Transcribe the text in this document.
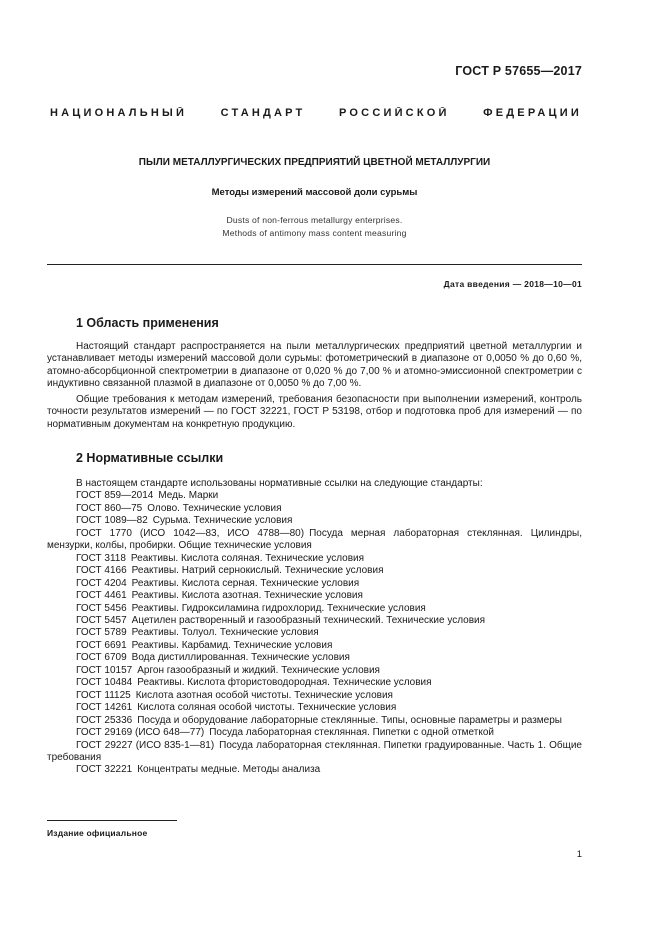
ГОСТ Р 57655—2017
НАЦИОНАЛЬНЫЙ СТАНДАРТ РОССИЙСКОЙ ФЕДЕРАЦИИ
ПЫЛИ МЕТАЛЛУРГИЧЕСКИХ ПРЕДПРИЯТИЙ ЦВЕТНОЙ МЕТАЛЛУРГИИ
Методы измерений массовой доли сурьмы
Dusts of non-ferrous metallurgy enterprises.
Methods of antimony mass content measuring
Дата введения — 2018—10—01
1 Область применения

Настоящий стандарт распространяется на пыли металлургических предприятий цветной металлургии и устанавливает методы измерений массовой доли сурьмы: фотометрический в диапазоне от 0,0050 % до 0,60 %, атомно-абсорбционной спектрометрии в диапазоне от 0,020 % до 7,00 % и атомно-эмиссионной спектрометрии с индуктивно связанной плазмой в диапазоне от 0,0050 % до 7,00 %.

Общие требования к методам измерений, требования безопасности при выполнении измерений, контроль точности результатов измерений — по ГОСТ 32221, ГОСТ Р 53198, отбор и подготовка проб для измерений — по нормативным документам на конкретную продукцию.

2 Нормативные ссылки

В настоящем стандарте использованы нормативные ссылки на следующие стандарты:

ГОСТ 859—2014 Медь. Марки

ГОСТ 860—75 Олово. Технические условия

ГОСТ 1089—82 Сурьма. Технические условия

ГОСТ 1770 (ИСО 1042—83, ИСО 4788—80) Посуда мерная лабораторная стеклянная. Цилиндры, мензурки, колбы, пробирки. Общие технические условия

ГОСТ 3118 Реактивы. Кислота соляная. Технические условия

ГОСТ 4166 Реактивы. Натрий сернокислый. Технические условия

ГОСТ 4204 Реактивы. Кислота серная. Технические условия

ГОСТ 4461 Реактивы. Кислота азотная. Технические условия

ГОСТ 5456 Реактивы. Гидроксиламина гидрохлорид. Технические условия

ГОСТ 5457 Ацетилен растворенный и газообразный технический. Технические условия

ГОСТ 5789 Реактивы. Толуол. Технические условия

ГОСТ 6691 Реактивы. Карбамид. Технические условия

ГОСТ 6709 Вода дистиллированная. Технические условия

ГОСТ 10157 Аргон газообразный и жидкий. Технические условия

ГОСТ 10484 Реактивы. Кислота фтористоводородная. Технические условия

ГОСТ 11125 Кислота азотная особой чистоты. Технические условия

ГОСТ 14261 Кислота соляная особой чистоты. Технические условия

ГОСТ 25336 Посуда и оборудование лабораторные стеклянные. Типы, основные параметры и размеры

ГОСТ 29169 (ИСО 648—77) Посуда лабораторная стеклянная. Пипетки с одной отметкой

ГОСТ 29227 (ИСО 835-1—81) Посуда лабораторная стеклянная. Пипетки градуированные. Часть 1. Общие требования

ГОСТ 32221 Концентраты медные. Методы анализа

Издание официальное
1
